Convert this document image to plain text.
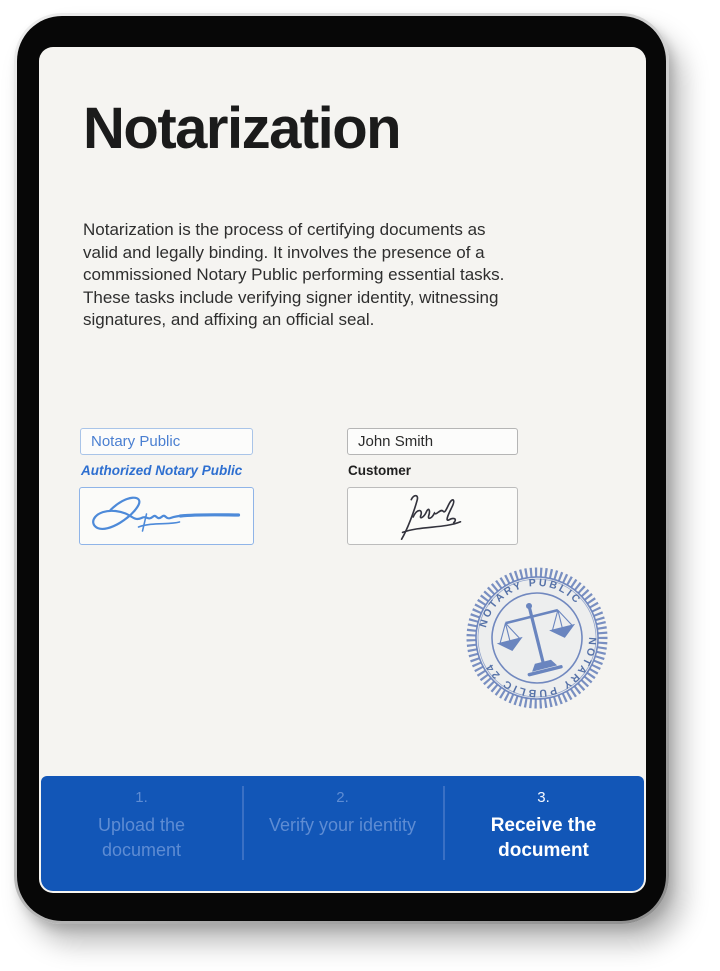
Notarization
Notarization is the process of certifying documents as valid and legally binding. It involves the presence of a commissioned Notary Public performing essential tasks. These tasks include verifying signer identity, witnessing signatures, and affixing an official seal.
Notary Public
John Smith
Authorized Notary Public	Customer
NOTARY PUBLIC
NOTARY PUBLIC 24
1.
Upload the document
2.
Verify your identity
3.
Receive the document
